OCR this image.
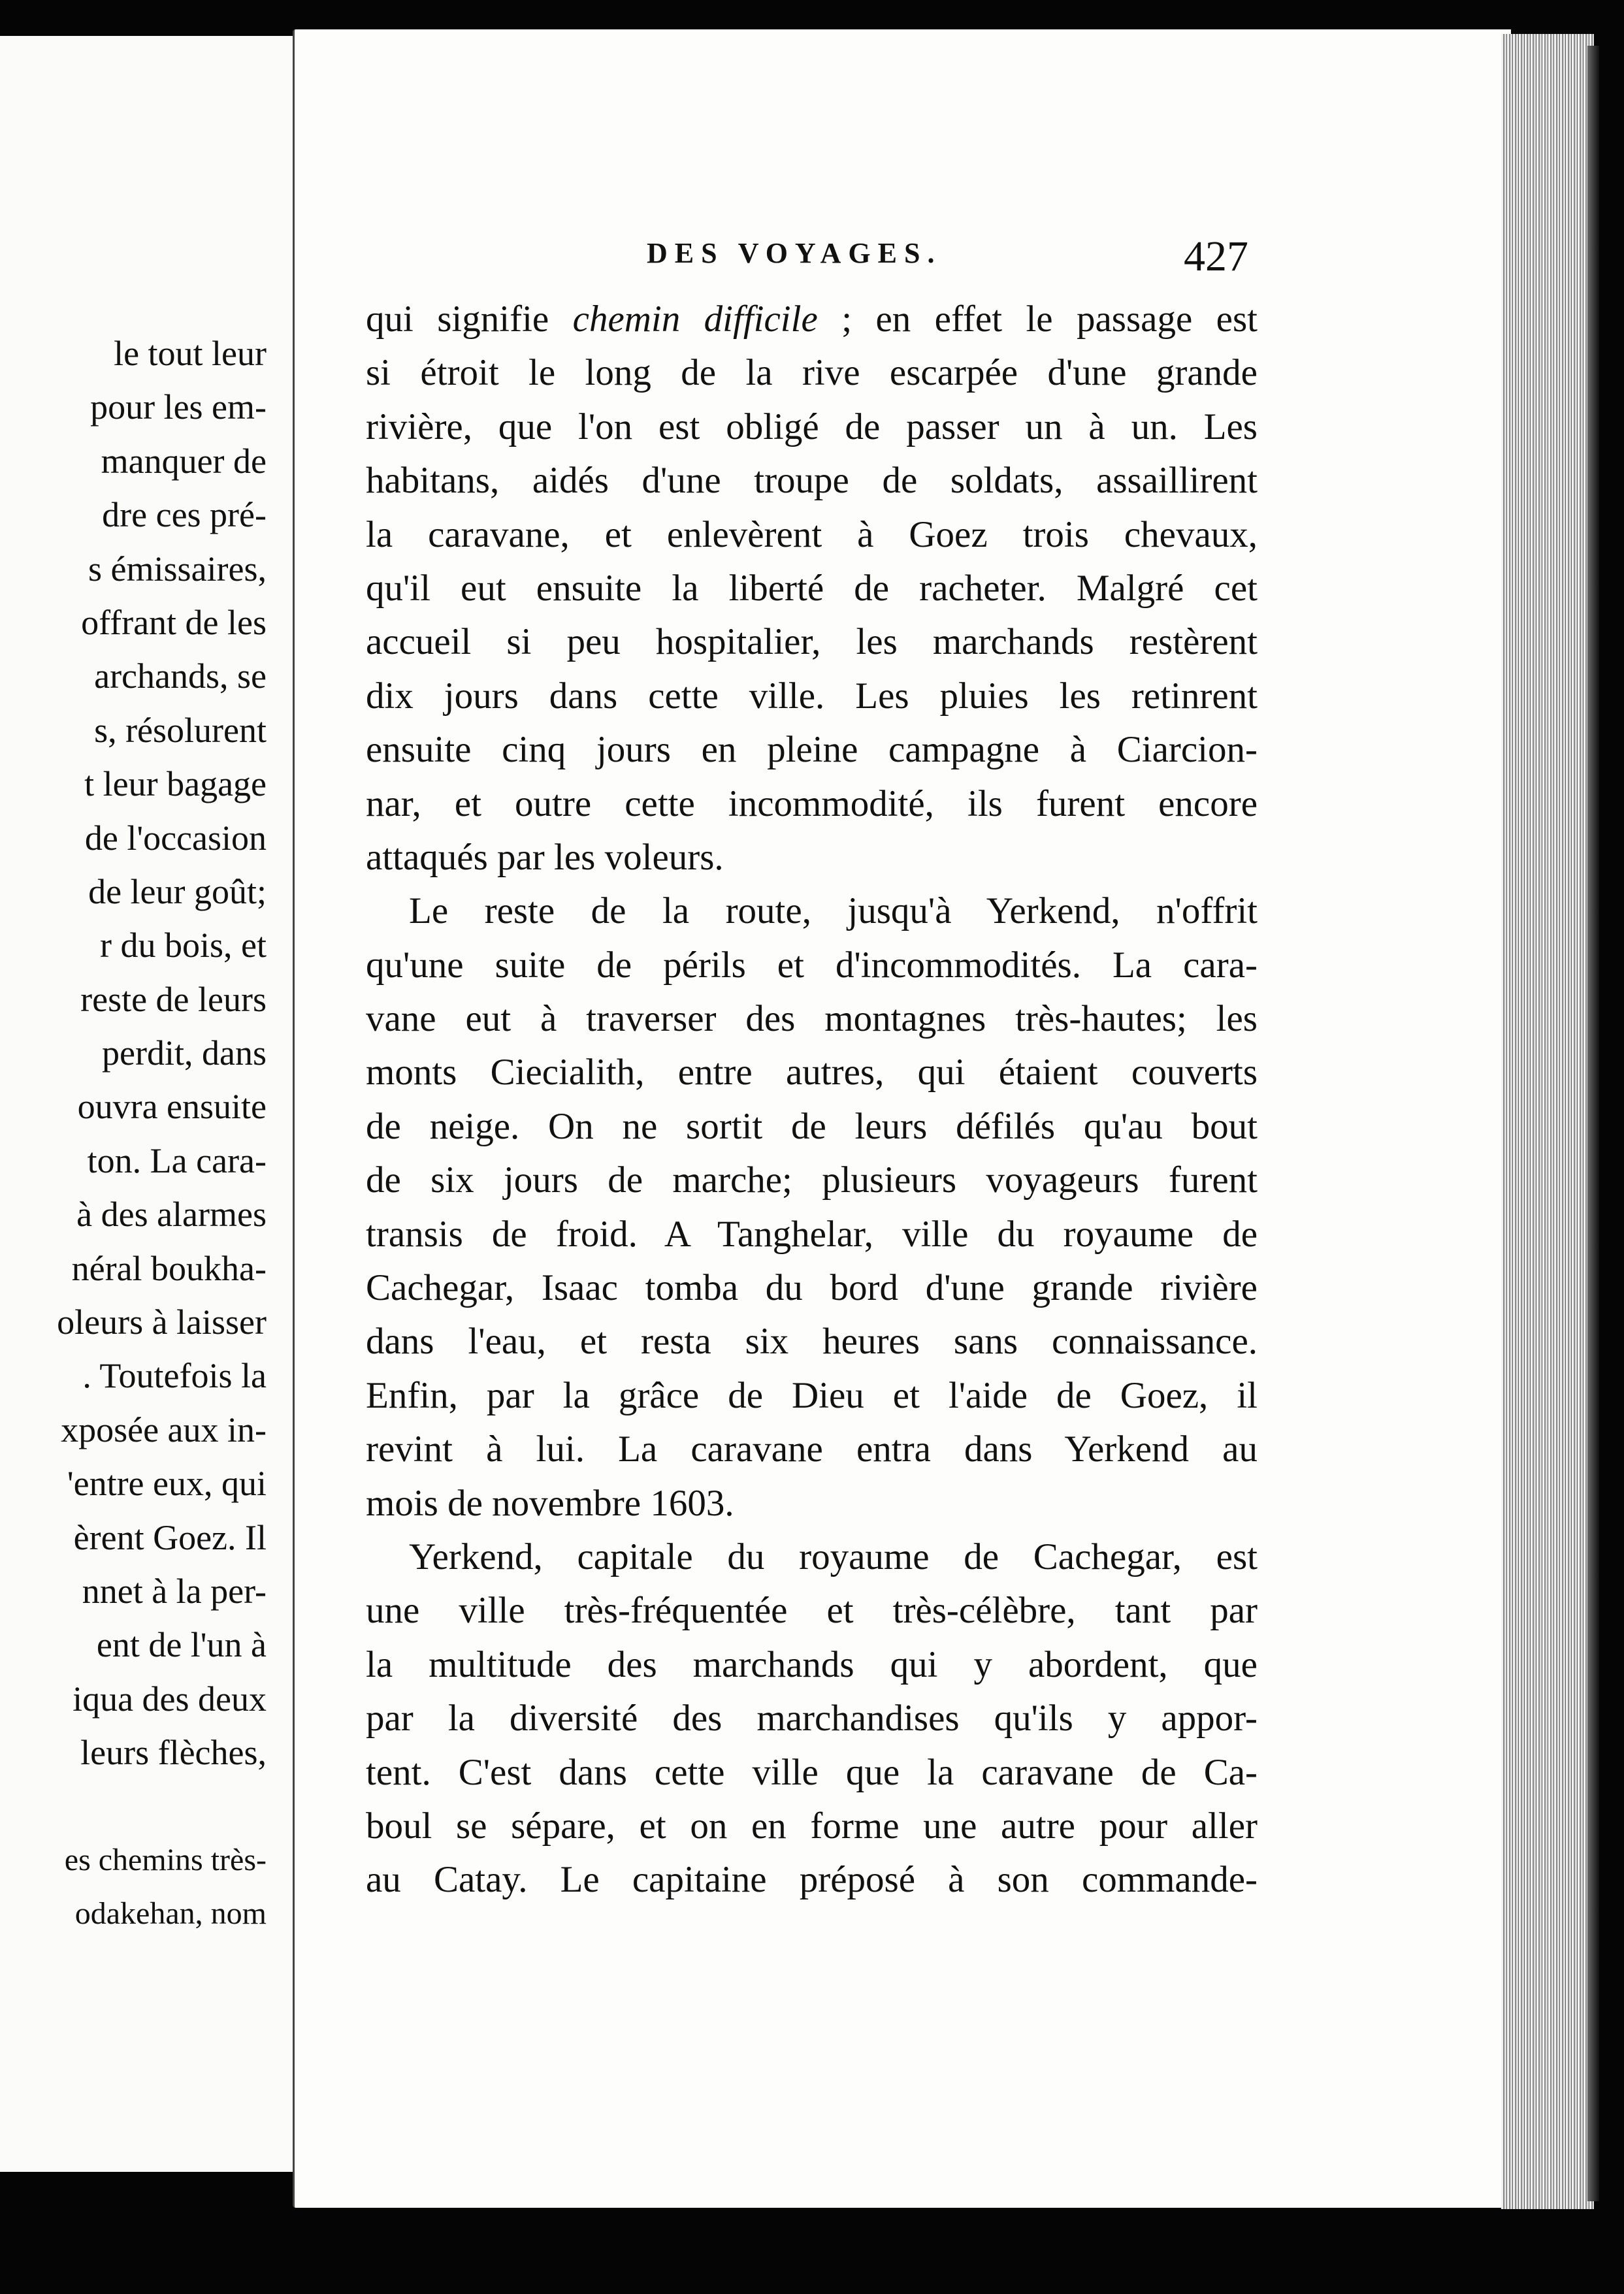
le tout leur
pour les em-
manquer de
dre ces pré-
s émissaires,
offrant de les
archands, se
s, résolurent
t leur bagage
de l'occasion
de leur goût;
r du bois, et
reste de leurs
perdit, dans
ouvra ensuite
ton. La cara-
à des alarmes
néral boukha-
oleurs à laisser
. Toutefois la
xposée aux in-
'entre eux, qui
èrent Goez. Il
nnet à la per-
ent de l'un à
iqua des deux
leurs flèches,
es chemins très-
odakehan, nom
DES VOYAGES.	427
qui signifie chemin difficile ; en effet le passage est
si étroit le long de la rive escarpée d'une grande
rivière, que l'on est obligé de passer un à un. Les
habitans, aidés d'une troupe de soldats, assaillirent
la caravane, et enlevèrent à Goez trois chevaux,
qu'il eut ensuite la liberté de racheter. Malgré cet
accueil si peu hospitalier, les marchands restèrent
dix jours dans cette ville. Les pluies les retinrent
ensuite cinq jours en pleine campagne à Ciarcion-
nar, et outre cette incommodité, ils furent encore
attaqués par les voleurs.
Le reste de la route, jusqu'à Yerkend, n'offrit
qu'une suite de périls et d'incommodités. La cara-
vane eut à traverser des montagnes très-hautes; les
monts Ciecialith, entre autres, qui étaient couverts
de neige. On ne sortit de leurs défilés qu'au bout
de six jours de marche; plusieurs voyageurs furent
transis de froid. A Tanghelar, ville du royaume de
Cachegar, Isaac tomba du bord d'une grande rivière
dans l'eau, et resta six heures sans connaissance.
Enfin, par la grâce de Dieu et l'aide de Goez, il
revint à lui. La caravane entra dans Yerkend au
mois de novembre 1603.
Yerkend, capitale du royaume de Cachegar, est
une ville très-fréquentée et très-célèbre, tant par
la multitude des marchands qui y abordent, que
par la diversité des marchandises qu'ils y appor-
tent. C'est dans cette ville que la caravane de Ca-
boul se sépare, et on en forme une autre pour aller
au Catay. Le capitaine préposé à son commande-
